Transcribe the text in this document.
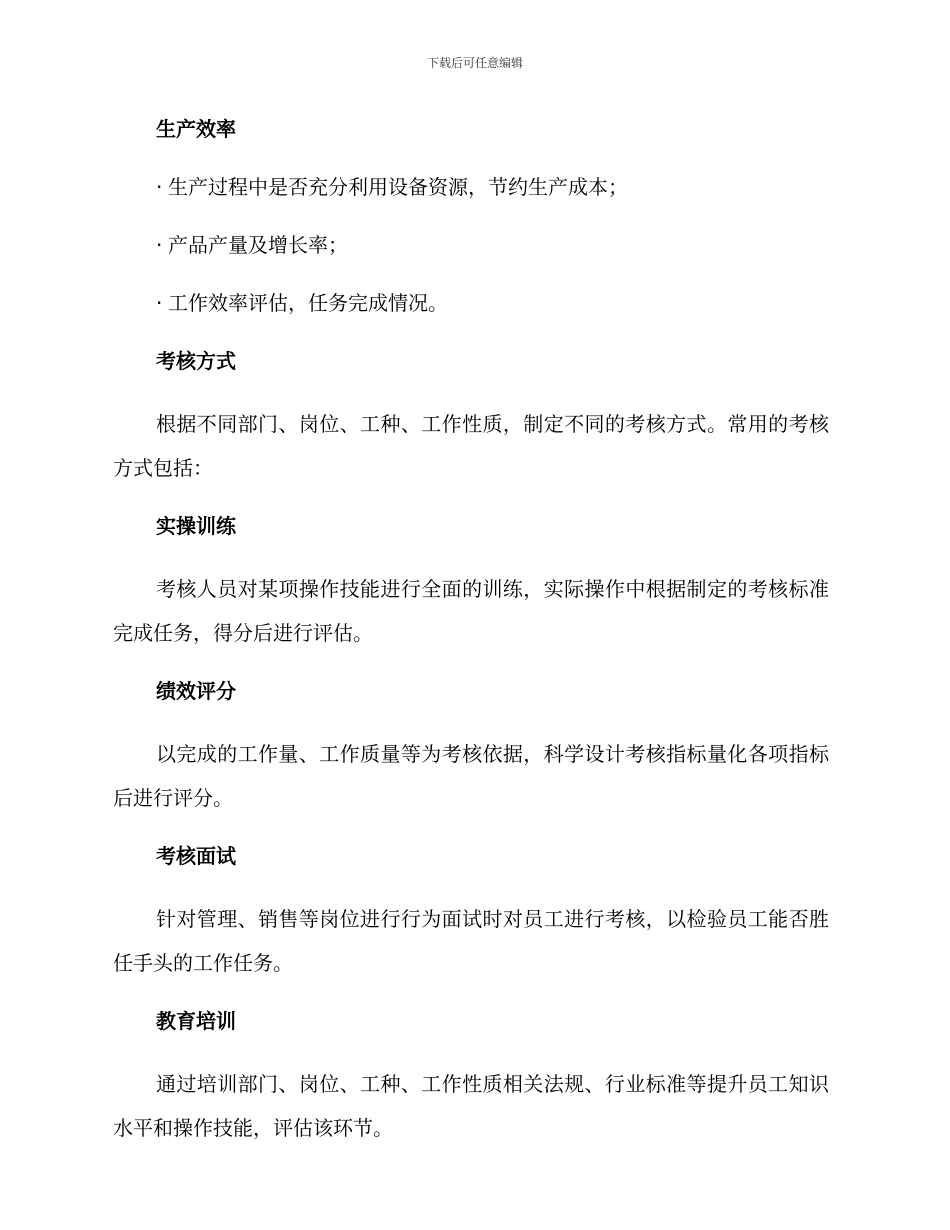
下载后可任意编辑
生产效率
· 生产过程中是否充分利用设备资源，节约生产成本；
· 产品产量及增长率；
· 工作效率评估，任务完成情况。
考核方式

根据不同部门、岗位、工种、工作性质，制定不同的考核方式。常用的考核方式包括：

实操训练

考核人员对某项操作技能进行全面的训练，实际操作中根据制定的考核标准完成任务，得分后进行评估。

绩效评分

以完成的工作量、工作质量等为考核依据，科学设计考核指标量化各项指标后进行评分。

考核面试

针对管理、销售等岗位进行行为面试时对员工进行考核，以检验员工能否胜任手头的工作任务。

教育培训

通过培训部门、岗位、工种、工作性质相关法规、行业标准等提升员工知识水平和操作技能，评估该环节。
